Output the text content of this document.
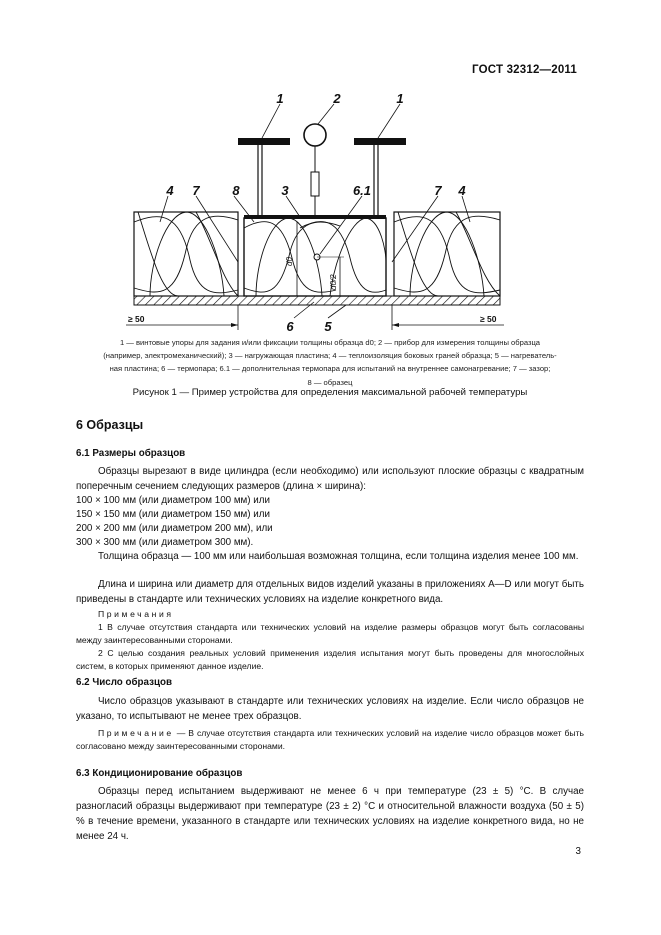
ГОСТ 32312—2011
1	2	1
4 7	8	3	6.1	7 4
6 5
≥ 50	≥ 50
d0
d0/2
1 — винтовые упоры для задания и/или фиксации толщины образца d0; 2 — прибор для измерения толщины образца
(например, электромеханический); 3 — нагружающая пластина; 4 — теплоизоляция боковых граней образца; 5 — нагреватель-
ная пластина; 6 — термопара; 6.1 — дополнительная термопара для испытаний на внутреннее самонагревание; 7 — зазор;
8 — образец
Рисунок 1 — Пример устройства для определения максимальной рабочей температуры
6 Образцы
6.1 Размеры образцов
Образцы вырезают в виде цилиндра (если необходимо) или используют плоские образцы с квадратным поперечным сечением следующих размеров (длина × ширина):
100 × 100 мм (или диаметром 100 мм) или
150 × 150 мм (или диаметром 150 мм) или
200 × 200 мм (или диаметром 200 мм), или
300 × 300 мм (или диаметром 300 мм).
Толщина образца — 100 мм или наибольшая возможная толщина, если толщина изделия менее 100 мм.
Длина и ширина или диаметр для отдельных видов изделий указаны в приложениях А—D или могут быть приведены в стандарте или технических условиях на изделие конкретного вида.
Примечания
1 В случае отсутствия стандарта или технических условий на изделие размеры образцов могут быть согласованы между заинтересованными сторонами.
2 С целью создания реальных условий применения изделия испытания могут быть проведены для многослойных систем, в которых применяют данное изделие.
6.2 Число образцов
Число образцов указывают в стандарте или технических условиях на изделие. Если число образцов не указано, то испытывают не менее трех образцов.
Примечание — В случае отсутствия стандарта или технических условий на изделие число образцов может быть согласовано между заинтересованными сторонами.
6.3 Кондиционирование образцов
Образцы перед испытанием выдерживают не менее 6 ч при температуре (23 ± 5) °С. В случае разногласий образцы выдерживают при температуре (23 ± 2) °С и относительной влажности воздуха (50 ± 5) % в течение времени, указанного в стандарте или технических условиях на изделие конкретного вида, но не менее 24 ч.
3
